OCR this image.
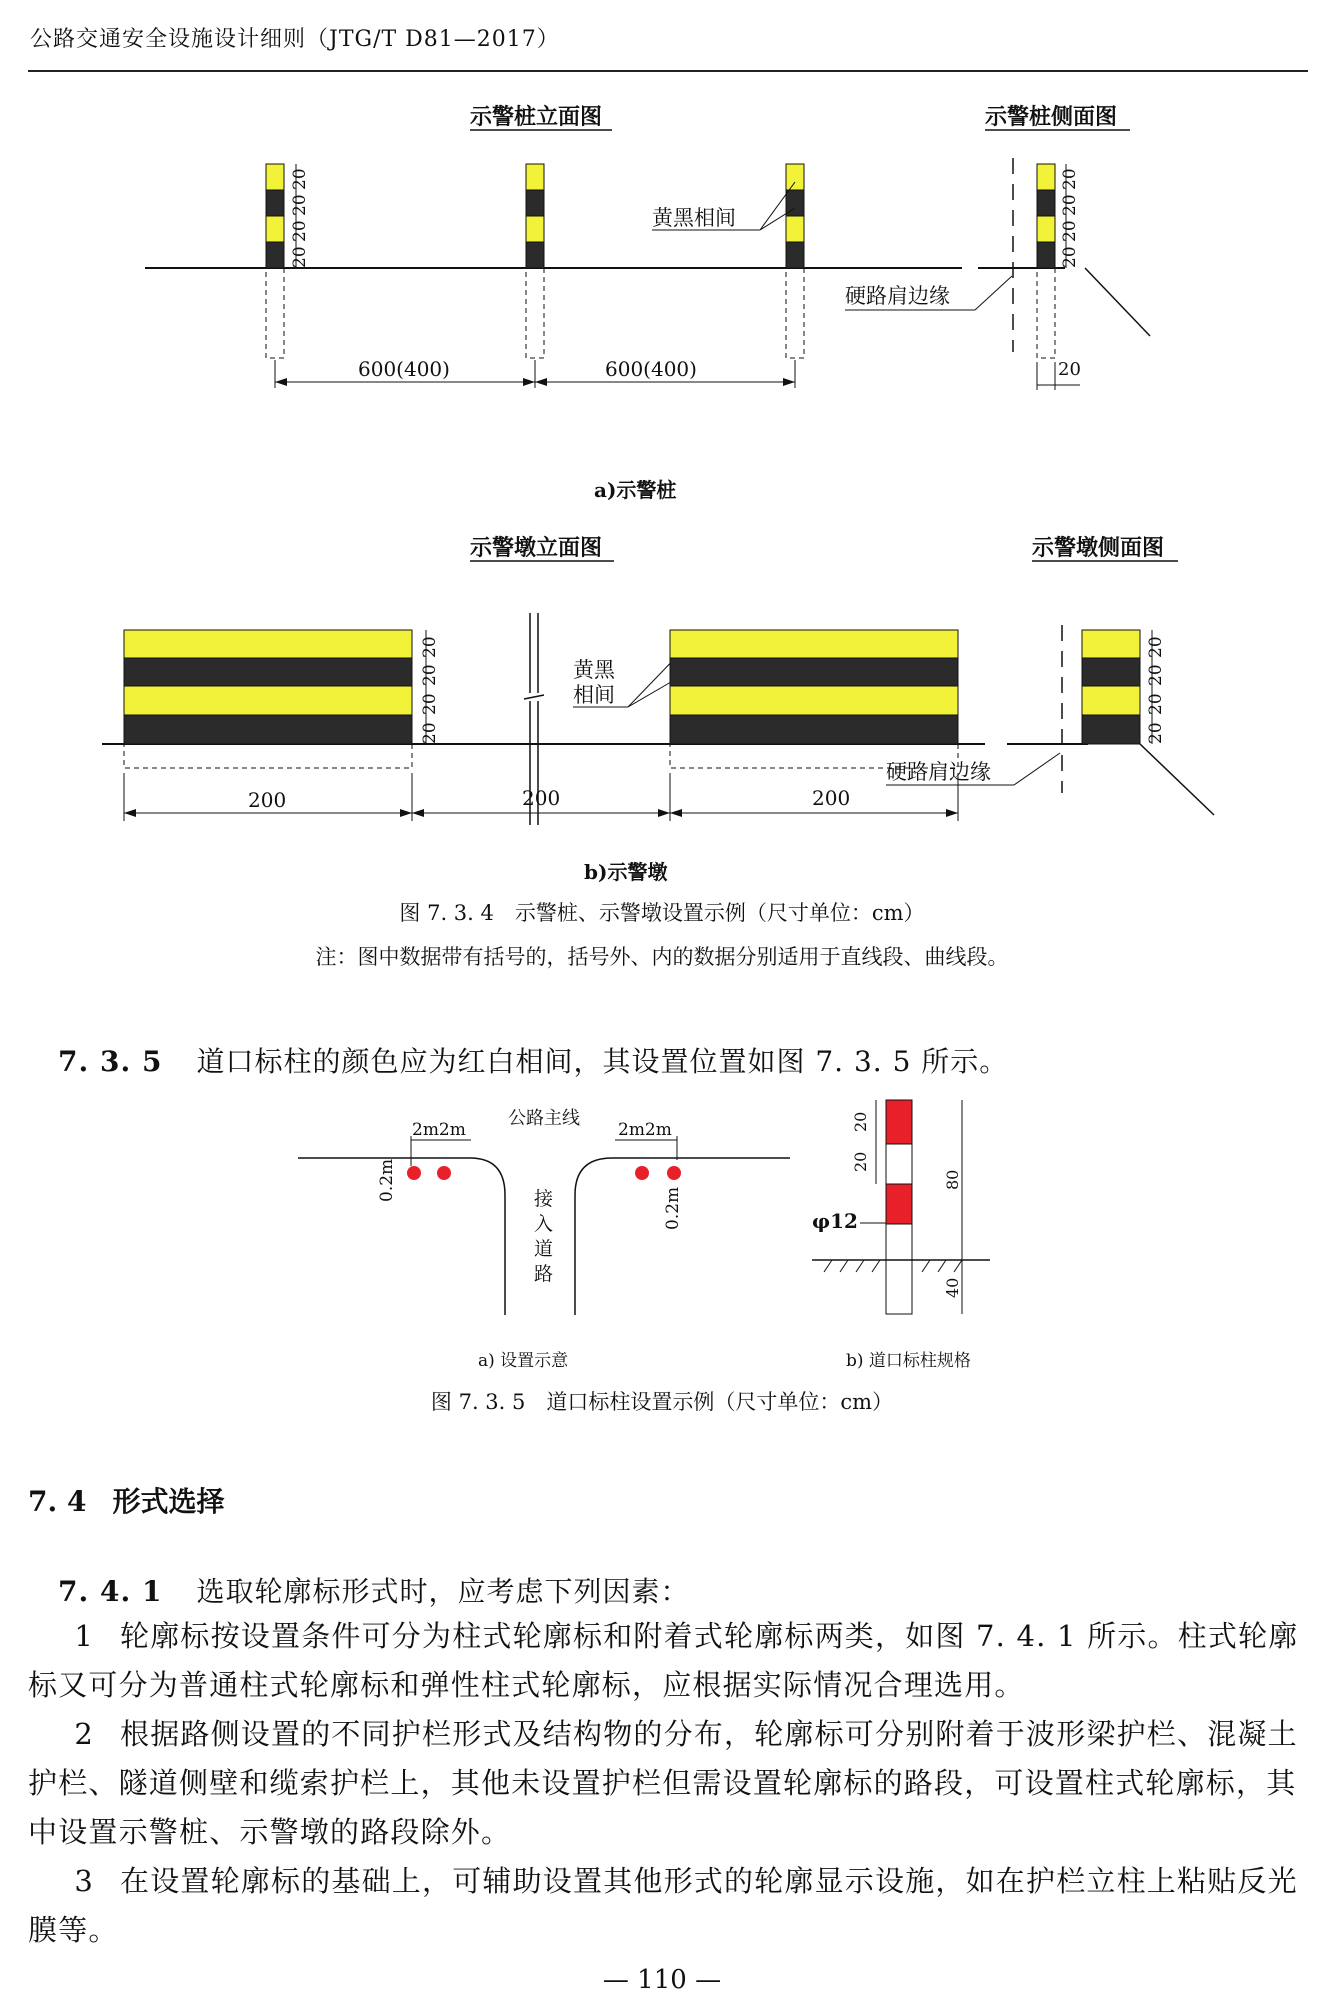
公路交通安全设施设计细则（JTG/T D81—2017）
示警桩立面图	示警桩侧面图
20
20
20
20
黄黑相间
600(400)	600(400)
20
20
20
20
硬路肩边缘
20
a)示警桩
示警墩立面图	示警墩侧面图
20
20
20
20
黄黑
相间
20
20
20
20
硬路肩边缘
200	200	200
b)示警墩
图 7. 3. 4　示警桩、示警墩设置示例（尺寸单位：cm）
注：图中数据带有括号的，括号外、内的数据分别适用于直线段、曲线段。
7. 3. 5 道口标柱的颜色应为红白相间，其设置位置如图 7. 3. 5 所示。
公路主线
接
入
道
路
2m2m
0.2m
2m2m
0.2m
20
20
80
40
φ12
a) 设置示意	b) 道口标柱规格
图 7. 3. 5　道口标柱设置示例（尺寸单位：cm）
7. 4 形式选择
7. 4. 1 选取轮廓标形式时，应考虑下列因素：
1 轮廓标按设置条件可分为柱式轮廓标和附着式轮廓标两类，如图 7. 4. 1 所示。柱式轮廓标又可分为普通柱式轮廓标和弹性柱式轮廓标，应根据实际情况合理选用。
2 根据路侧设置的不同护栏形式及结构物的分布，轮廓标可分别附着于波形梁护栏、混凝土护栏、隧道侧壁和缆索护栏上，其他未设置护栏但需设置轮廓标的路段，可设置柱式轮廓标，其中设置示警桩、示警墩的路段除外。
3 在设置轮廓标的基础上，可辅助设置其他形式的轮廓显示设施，如在护栏立柱上粘贴反光膜等。
— 110 —
